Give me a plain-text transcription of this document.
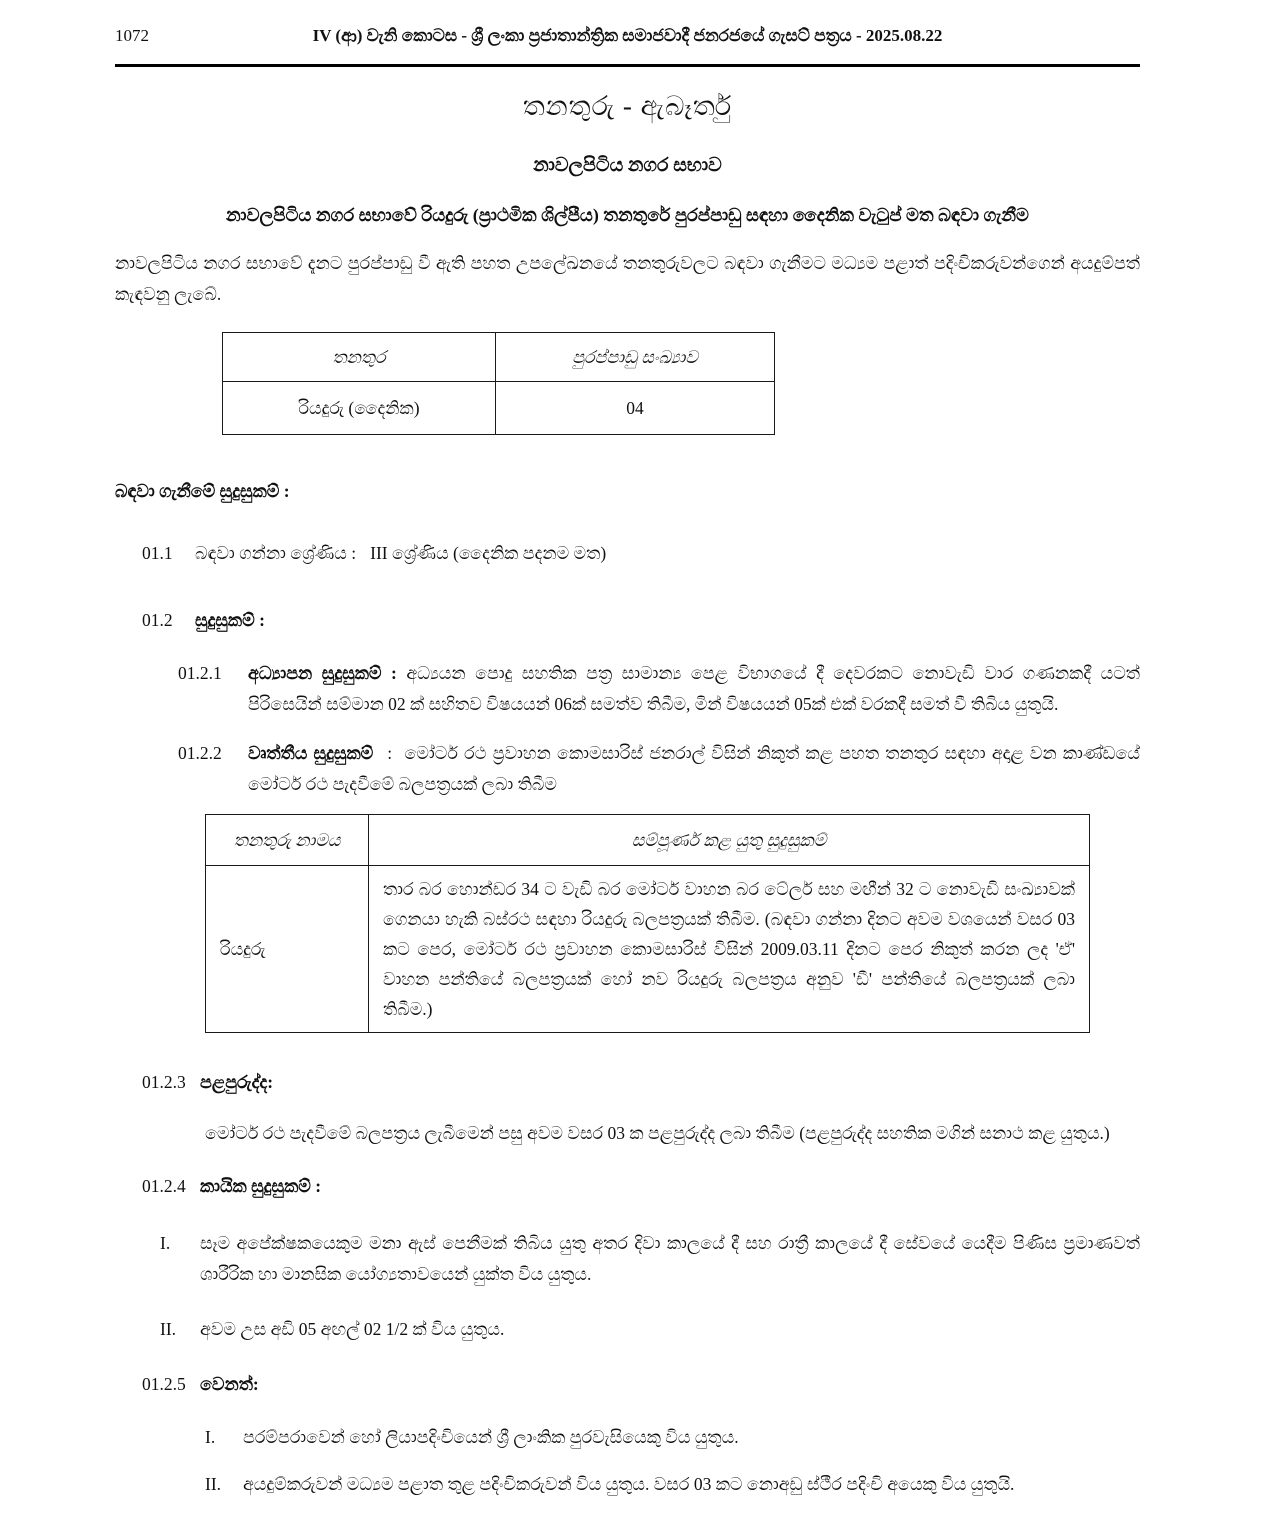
1072	IV (ආ) වැනි කොටස - ශ්‍රී ලංකා ප්‍රජාතාන්ත්‍රික සමාජවාදී ජනරජයේ ගැසට් පත්‍රය - 2025.08.22
තනතුරු - ඇබෑර්තු
නාවලපිටිය නගර සභාව
නාවලපිටිය නගර සභාවේ රියදුරු (ප්‍රාථමික ශිල්පීය) තනතුරේ පුරප්පාඩු සඳහා දෛනික වැටුප් මත බඳවා ගැනීම

නාවලපිටිය නගර සභාවේ දැනට පුරප්පාඩු වී ඇති පහත උපලේඛනයේ තනතුරුවලට බඳවා ගැනීමට මධ්‍යම පළාත් පදිංචිකරුවන්ගෙන් අයදුම්පත් කැඳවනු ලැබේ.

තනතුර	පුරප්පාඩු සංඛ්‍යාව
රියදුරු (දෛනික)	04
බඳවා ගැනීමේ සුදුසුකම් :
01.1	බඳවා ගන්නා ශ්‍රේණිය : III ශ්‍රේණිය (දෛනික පදනම මත)
01.2	සුදුසුකම් :
01.2.1	අධ්‍යාපන සුදුසුකම් : අධ්‍යයන පොදු සහතික පත්‍ර සාමාන්‍ය පෙළ විභාගයේ දී දෙවරකට නොවැඩි වාර ගණනකදී යටත් පිරිසෙයින් සම්මාන 02 ක් සහිතව විෂයයන් 06ක් සමත්ව තිබීම, මින් විෂයයන් 05ක් එක් වරකදී සමත් වී තිබිය යුතුයි.
01.2.2	වෘත්තීය සුදුසුකම් : මෝටර් රථ ප්‍රවාහන කොමසාරිස් ජනරාල් විසින් නිකුත් කළ පහත තනතුර සඳහා අදාළ වන කාණ්ඩයේ මෝටර් රථ පැදවීමේ බලපත්‍රයක් ලබා තිබීම
තනතුරු නාමය	සම්පූර්ණ කළ යුතු සුදුසුකම්
රියදුරු	තාර බර හොන්ඩර 34 ට වැඩි බර මෝටර් වාහන බර ටේලර් සහ මඟීන් 32 ට නොවැඩි සංඛ්‍යාවක් ගෙනයා හැකි බස්රථ සඳහා රියදුරු බලපත්‍රයක් තිබීම. (බඳවා ගන්නා දිනට අවම වශයෙන් වසර 03 කට පෙර, මෝටර් රථ ප්‍රවාහන කොමසාරිස් විසින් 2009.03.11 දිනට පෙර නිකුත් කරන ලද 'ඒ' වාහන පන්තියේ බලපත්‍රයක් හෝ නව රියදුරු බලපත්‍රය අනුව 'ඩී' පන්තියේ බලපත්‍රයක් ලබා තිබීම.)
01.2.3 පළපුරුද්ද:

මෝටර් රථ පැදවීමේ බලපත්‍රය ලැබීමෙන් පසු අවම වසර 03 ක පළපුරුද්ද ලබා තිබීම (පළපුරුද්ද සහතික මගින් සනාථ කළ යුතුය.)

01.2.4 කායික සුදුසුකම් :
I.	සෑම අපේක්ෂකයෙකුම මනා ඇස් පෙනීමක් තිබිය යුතු අතර දිවා කාලයේ දී සහ රාත්‍රී කාලයේ දී සේවයේ යෙදීම පිණිස ප්‍රමාණවත් ශාරීරික හා මානසික යෝග්‍යතාවයෙන් යුක්ත විය යුතුය.
II.	අවම උස අඩි 05 අඟල් 02 1/2 ක් විය යුතුය.
01.2.5 වෙනත්:
I.	පරම්පරාවෙන් හෝ ලියාපදිංචියෙන් ශ්‍රී ලාංකික පුරවැසියෙකු විය යුතුය.
II.	අයදුම්කරුවන් මධ්‍යම පළාත තුළ පදිංචිකරුවන් විය යුතුය. වසර 03 කට නොඅඩු ස්ථීර පදිංචි අයෙකු විය යුතුයි.
